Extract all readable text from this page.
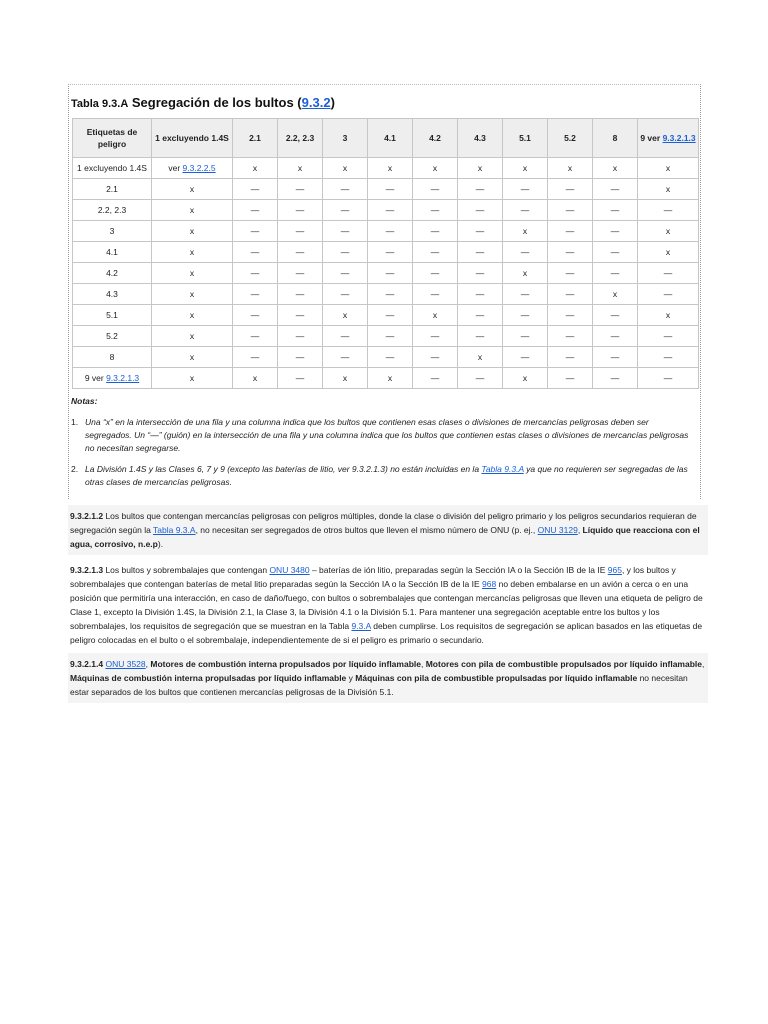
Tabla 9.3.A Segregación de los bultos (9.3.2)
Etiquetas de
peligro	1 excluyendo 1.4S	2.1	2.2, 2.3	3	4.1	4.2	4.3	5.1	5.2	8	9 ver 9.3.2.1.3
1 excluyendo 1.4S	ver 9.3.2.2.5	x	x	x	x	x	x	x	x	x	x
2.1	x	—	—	—	—	—	—	—	—	—	x
2.2, 2.3	x	—	—	—	—	—	—	—	—	—	—
3	x	—	—	—	—	—	—	x	—	—	x
4.1	x	—	—	—	—	—	—	—	—	—	x
4.2	x	—	—	—	—	—	—	x	—	—	—
4.3	x	—	—	—	—	—	—	—	—	x	—
5.1	x	—	—	x	—	x	—	—	—	—	x
5.2	x	—	—	—	—	—	—	—	—	—	—
8	x	—	—	—	—	—	x	—	—	—	—
9 ver 9.3.2.1.3	x	x	—	x	x	—	—	x	—	—	—
Notas:
1. Una “x” en la intersección de una fila y una columna indica que los bultos que contienen esas clases o divisiones de mercancías peligrosas deben ser segregados. Un “—” (guión) en la intersección de una fila y una columna indica que los bultos que contienen estas clases o divisiones de mercancías peligrosas no necesitan segregarse.
2. La División 1.4S y las Clases 6, 7 y 9 (excepto las baterías de litio, ver 9.3.2.1.3) no están incluidas en la Tabla 9.3.A ya que no requieren ser segregadas de las otras clases de mercancías peligrosas.

9.3.2.1.2 Los bultos que contengan mercancías peligrosas con peligros múltiples, donde la clase o división del peligro primario y los peligros secundarios requieran de segregación según la Tabla 9.3.A, no necesitan ser segregados de otros bultos que lleven el mismo número de ONU (p. ej., ONU 3129, Líquido que reacciona con el agua, corrosivo, n.e.p).

9.3.2.1.3 Los bultos y sobrembalajes que contengan ONU 3480 – baterías de ión litio, preparadas según la Sección IA o la Sección IB de la IE 965, y los bultos y sobrembalajes que contengan baterías de metal litio preparadas según la Sección IA o la Sección IB de la IE 968 no deben embalarse en un avión a cerca o en una posición que permitiría una interacción, en caso de daño/fuego, con bultos o sobrembalajes que contengan mercancías peligrosas que lleven una etiqueta de peligro de Clase 1, excepto la División 1.4S, la División 2.1, la Clase 3, la División 4.1 o la División 5.1. Para mantener una segregación aceptable entre los bultos y los sobrembalajes, los requisitos de segregación que se muestran en la Tabla 9.3.A deben cumplirse. Los requisitos de segregación se aplican basados en las etiquetas de peligro colocadas en el bulto o el sobrembalaje, independientemente de si el peligro es primario o secundario.

9.3.2.1.4 ONU 3528, Motores de combustión interna propulsados por líquido inflamable, Motores con pila de combustible propulsados por líquido inflamable, Máquinas de combustión interna propulsadas por líquido inflamable y Máquinas con pila de combustible propulsadas por líquido inflamable no necesitan estar separados de los bultos que contienen mercancías peligrosas de la División 5.1.
